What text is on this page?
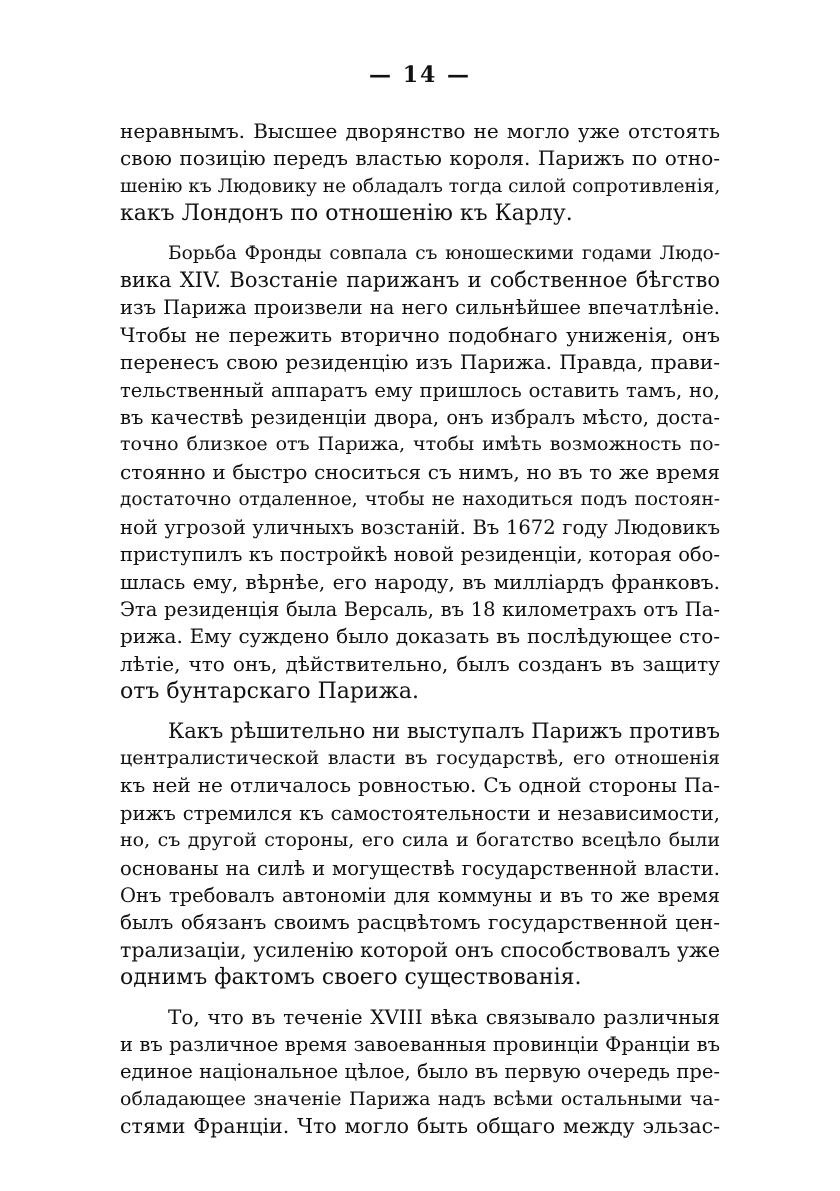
— 14 —
неравнымъ. Высшее дворянство не могло уже отстоять
свою позицію передъ властью короля. Парижъ по отно-
шенію къ Людовику не обладалъ тогда силой сопротивленія,
какъ Лондонъ по отношенію къ Карлу.
Борьба Фронды совпала съ юношескими годами Людо-
вика XIV. Возстаніе парижанъ и собственное бѣгство
изъ Парижа произвели на него сильнѣйшее впечатлѣніе.
Чтобы не пережить вторично подобнаго униженія, онъ
перенесъ свою резиденцію изъ Парижа. Правда, прави-
тельственный аппаратъ ему пришлось оставить тамъ, но,
въ качествѣ резиденціи двора, онъ избралъ мѣсто, доста-
точно близкое отъ Парижа, чтобы имѣть возможность по-
стоянно и быстро сноситься съ нимъ, но въ то же время
достаточно отдаленное, чтобы не находиться подъ постоян-
ной угрозой уличныхъ возстаній. Въ 1672 году Людовикъ
приступилъ къ постройкѣ новой резиденціи, которая обо-
шлась ему, вѣрнѣе, его народу, въ миллiардъ франковъ.
Эта резиденція была Версаль, въ 18 километрахъ отъ Па-
рижа. Ему суждено было доказать въ послѣдующее сто-
лѣтіе, что онъ, дѣйствительно, былъ созданъ въ защиту
отъ бунтарскаго Парижа.
Какъ рѣшительно ни выступалъ Парижъ противъ
централистической власти въ государствѣ, его отношенія
къ ней не отличалось ровностью. Съ одной стороны Па-
рижъ стремился къ самостоятельности и независимости,
но, съ другой стороны, его сила и богатство всецѣло были
основаны на силѣ и могуществѣ государственной власти.
Онъ требовалъ автономіи для коммуны и въ то же время
былъ обязанъ своимъ расцвѣтомъ государственной цен-
трализаціи, усиленію которой онъ способствовалъ уже
однимъ фактомъ своего существованія.
То, что въ теченіе XVIII вѣка связывало различныя
и въ различное время завоеванныя провинціи Франціи въ
единое національное цѣлое, было въ первую очередь пре-
обладающее значеніе Парижа надъ всѣми остальными ча-
стями Франціи. Что могло быть общаго между эльзас-
